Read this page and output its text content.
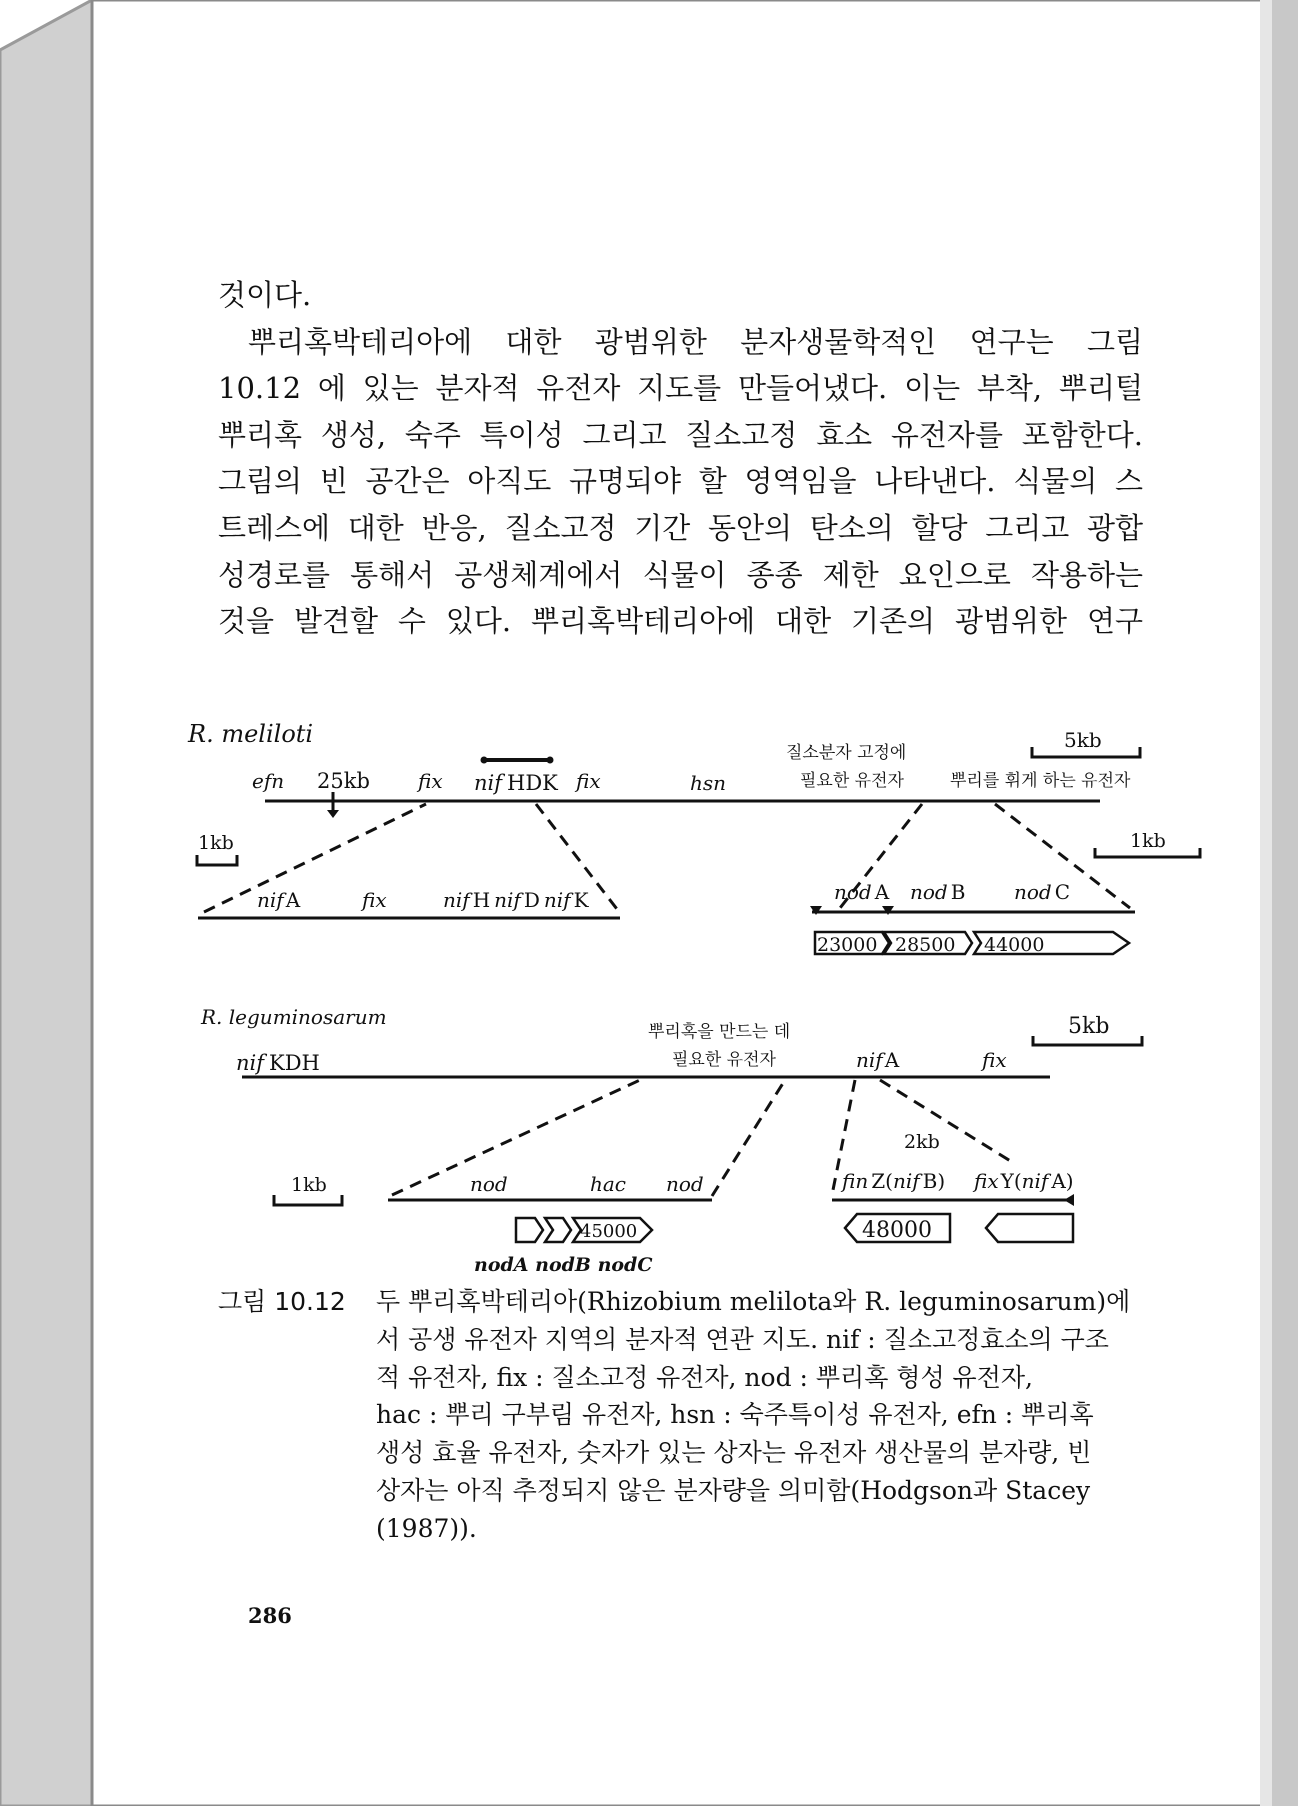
것이다.

뿌리혹박테리아에 대한 광범위한 분자생물학적인 연구는 그림

10.12 에 있는 분자적 유전자 지도를 만들어냈다. 이는 부착, 뿌리털

뿌리혹 생성, 숙주 특이성 그리고 질소고정 효소 유전자를 포함한다.

그림의 빈 공간은 아직도 규명되야 할 영역임을 나타낸다. 식물의 스

트레스에 대한 반응, 질소고정 기간 동안의 탄소의 할당 그리고 광합

성경로를 통해서 공생체계에서 식물이 종종 제한 요인으로 작용하는

것을 발견할 수 있다. 뿌리혹박테리아에 대한 기존의 광범위한 연구

R. meliloti
efn 25kb fix nif HDK fix	hsn
질소분자 고정에
필요한 유전자	뿌리를 휘게 하는 유전자
5kb
1kb	1kb
nif A	fix	nif H nif D nif K	nod A nod B nod C
23000 28500 44000
R. leguminosarum
nif KDH
뿌리혹을 만드는 데
필요한 유전자	nif A	fix
5kb
2kb
1kb	nod	hac nod	fin Z(nif B) fix Y(nif A)
45000	48000
nodA nodB nodC
그림 10.12 두 뿌리혹박테리아(Rhizobium melilota와 R. leguminosarum)에
서 공생 유전자 지역의 분자적 연관 지도. nif : 질소고정효소의 구조
적 유전자, fix : 질소고정 유전자, nod : 뿌리혹 형성 유전자,
hac : 뿌리 구부림 유전자, hsn : 숙주특이성 유전자, efn : 뿌리혹
생성 효율 유전자, 숫자가 있는 상자는 유전자 생산물의 분자량, 빈
상자는 아직 추정되지 않은 분자량을 의미함(Hodgson과 Stacey
(1987)).
286
